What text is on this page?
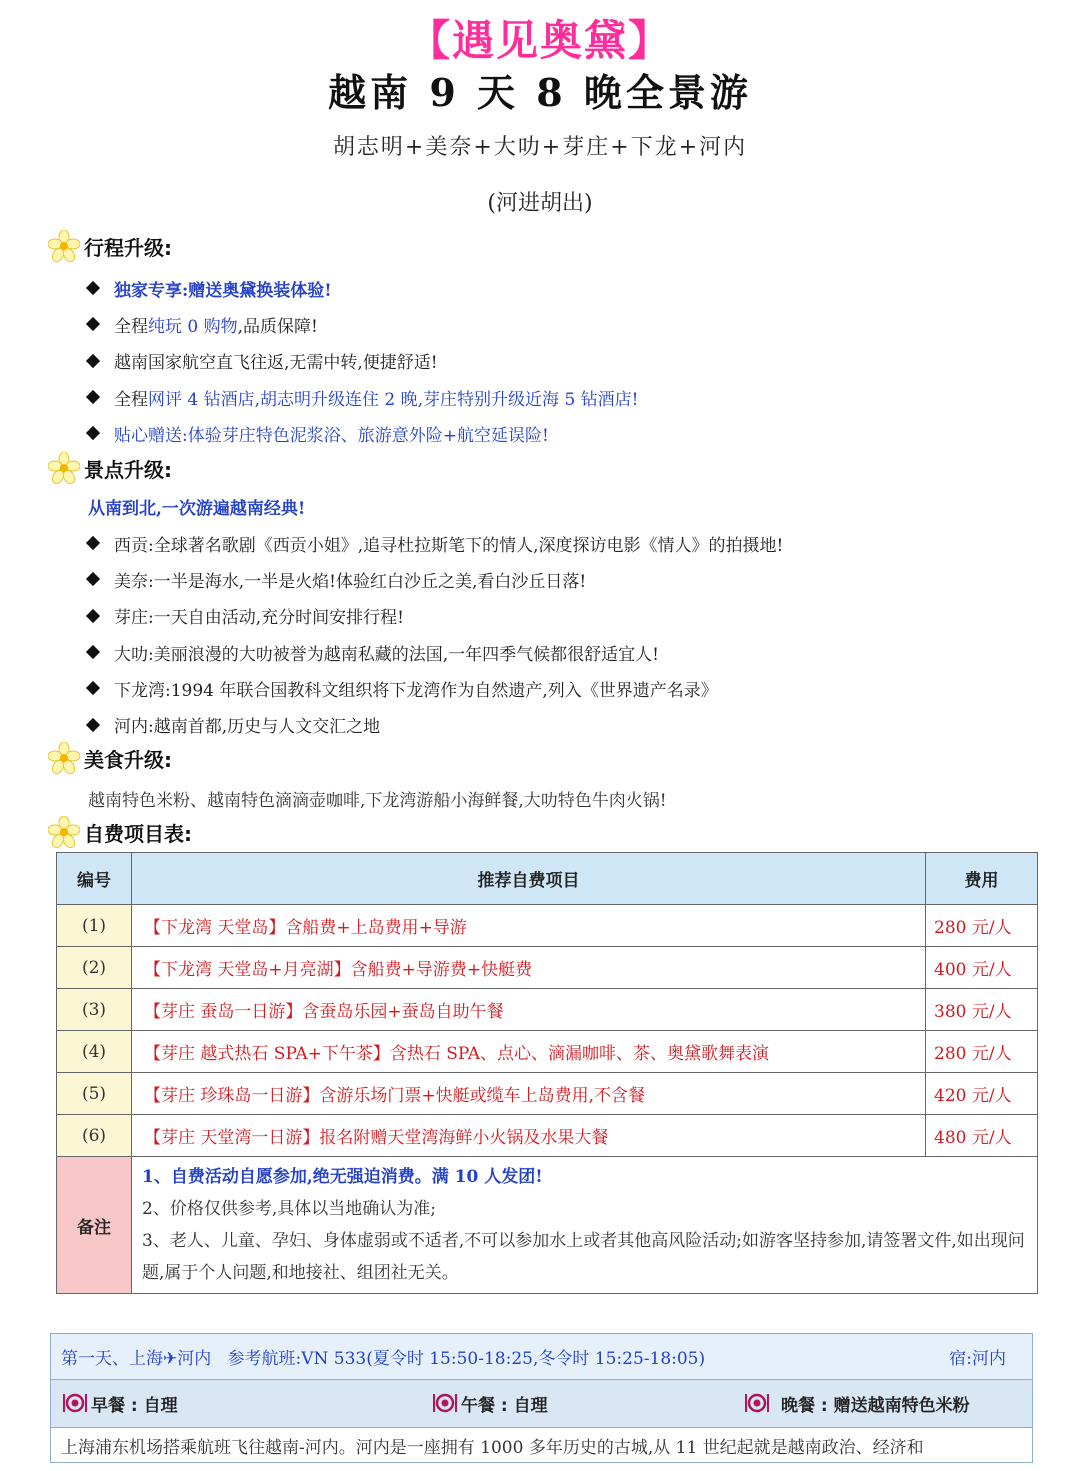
【遇见奥黛】
越南 9 天 8 晚全景游
胡志明+美奈+大叻+芽庄+下龙+河内
(河进胡出)
行程升级:
独家专享:赠送奥黛换装体验!
全程 纯玩 0 购物 ,品质保障!
越南国家航空直飞往返,无需中转,便捷舒适!
全程 网评 4 钻酒店,胡志明升级连住 2 晚,芽庄特别升级近海 5 钻酒店!
贴心赠送:体验芽庄特色泥浆浴、旅游意外险+航空延误险!
景点升级:
从南到北,一次游遍越南经典!
西贡:全球著名歌剧《西贡小姐》,追寻杜拉斯笔下的情人,深度探访电影《情人》的拍摄地!
美奈:一半是海水,一半是火焰!体验红白沙丘之美,看白沙丘日落!
芽庄:一天自由活动,充分时间安排行程!
大叻:美丽浪漫的大叻被誉为越南私藏的法国,一年四季气候都很舒适宜人!
下龙湾:1994 年联合国教科文组织将下龙湾作为自然遗产,列入《世界遗产名录》
河内:越南首都,历史与人文交汇之地
美食升级:
越南特色米粉、越南特色滴滴壶咖啡,下龙湾游船小海鲜餐,大叻特色牛肉火锅!
自费项目表:
编号	推荐自费项目	费用
(1)	【下龙湾 天堂岛】含船费+上岛费用+导游	280 元/人
(2)	【下龙湾 天堂岛+月亮湖】含船费+导游费+快艇费	400 元/人
(3)	【芽庄 蚕岛一日游】含蚕岛乐园+蚕岛自助午餐	380 元/人
(4)	【芽庄 越式热石 SPA+下午茶】含热石 SPA、点心、滴漏咖啡、茶、奥黛歌舞表演	280 元/人
(5)	【芽庄 珍珠岛一日游】含游乐场门票+快艇或缆车上岛费用,不含餐	420 元/人
(6)	【芽庄 天堂湾一日游】报名附赠天堂湾海鲜小火锅及水果大餐	480 元/人
备注	1、自费活动自愿参加,绝无强迫消费。满 10 人发团!
2、价格仅供参考,具体以当地确认为准;
3、老人、儿童、孕妇、身体虚弱或不适者,不可以参加水上或者其他高风险活动;如游客坚持参加,请签署文件,如出现问题,属于个人问题,和地接社、组团社无关。	
第一天、上海✈河内 参考航班:VN 533(夏令时 15:50-18:25,冬令时 15:25-18:05)	宿:河内
早餐 : 自理	午餐 : 自理	晚餐 : 赠送越南特色米粉
上海浦东机场搭乘航班飞往越南-河内。河内是一座拥有 1000 多年历史的古城,从 11 世纪起就是越南政治、经济和
